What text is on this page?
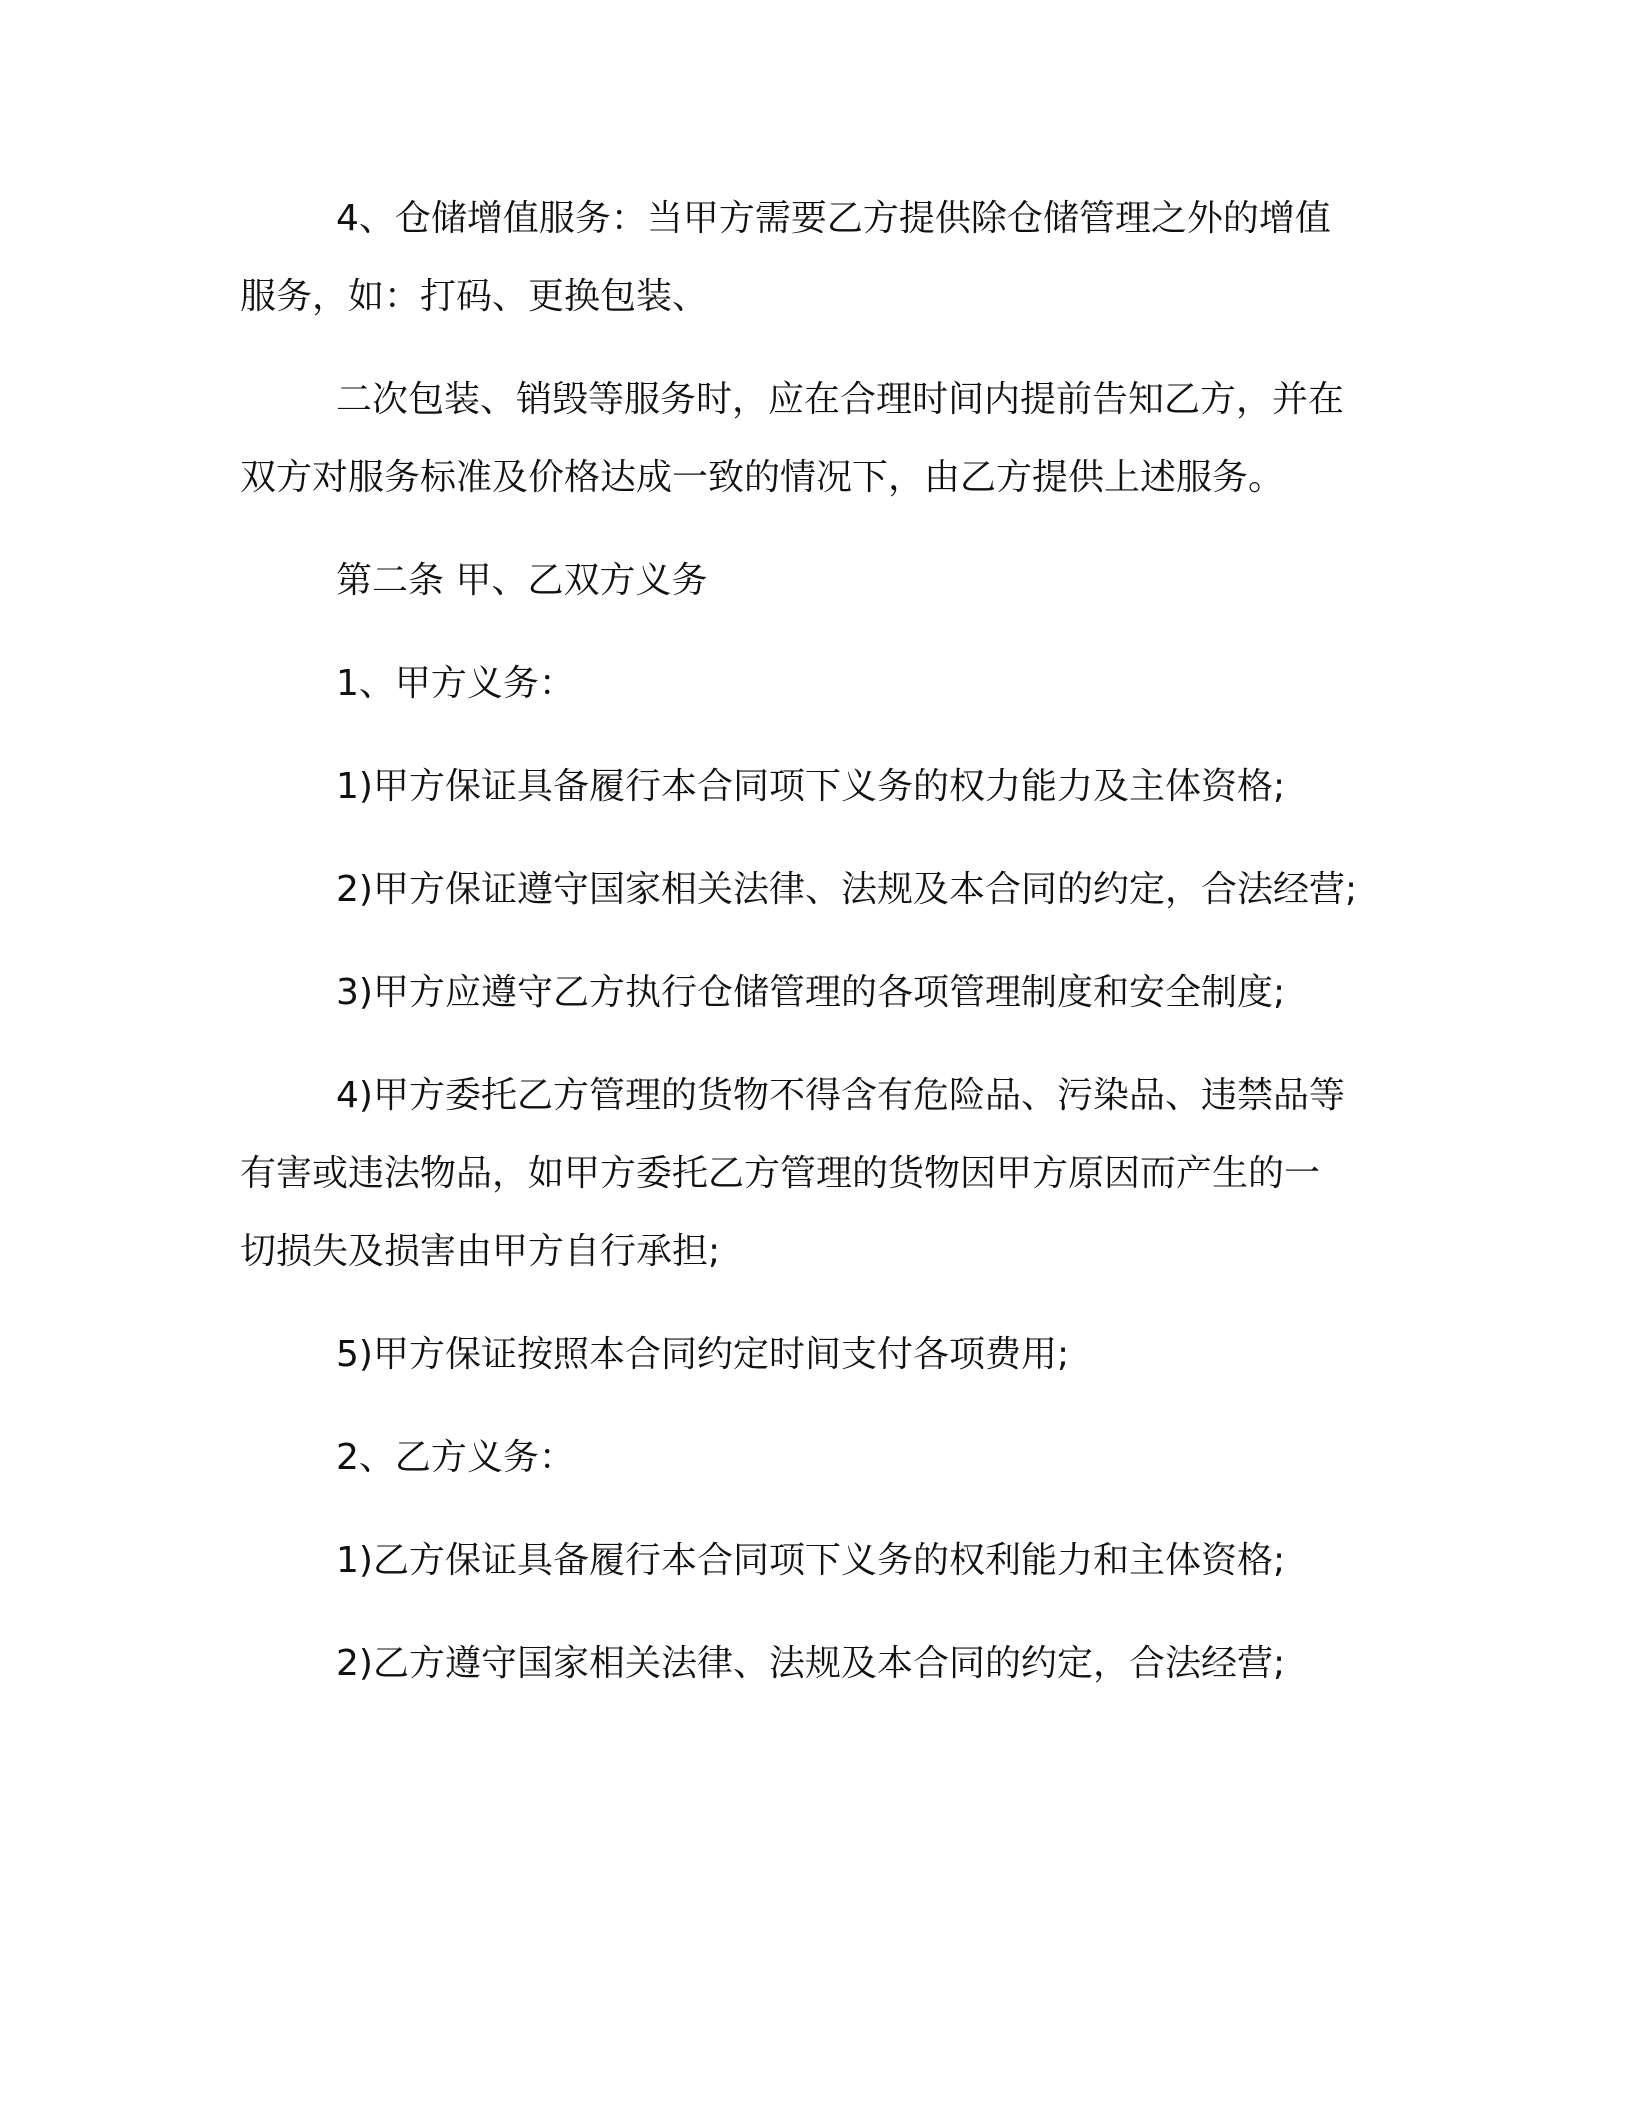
4、仓储增值服务：当甲方需要乙方提供除仓储管理之外的增值
服务，如：打码、更换包装、

二次包装、销毁等服务时，应在合理时间内提前告知乙方，并在
双方对服务标准及价格达成一致的情况下，由乙方提供上述服务。

第二条 甲、乙双方义务

1、甲方义务：

1)甲方保证具备履行本合同项下义务的权力能力及主体资格;

2)甲方保证遵守国家相关法律、法规及本合同的约定，合法经营;

3)甲方应遵守乙方执行仓储管理的各项管理制度和安全制度;

4)甲方委托乙方管理的货物不得含有危险品、污染品、违禁品等
有害或违法物品，如甲方委托乙方管理的货物因甲方原因而产生的一
切损失及损害由甲方自行承担;

5)甲方保证按照本合同约定时间支付各项费用;

2、乙方义务：

1)乙方保证具备履行本合同项下义务的权利能力和主体资格;

2)乙方遵守国家相关法律、法规及本合同的约定，合法经营;
